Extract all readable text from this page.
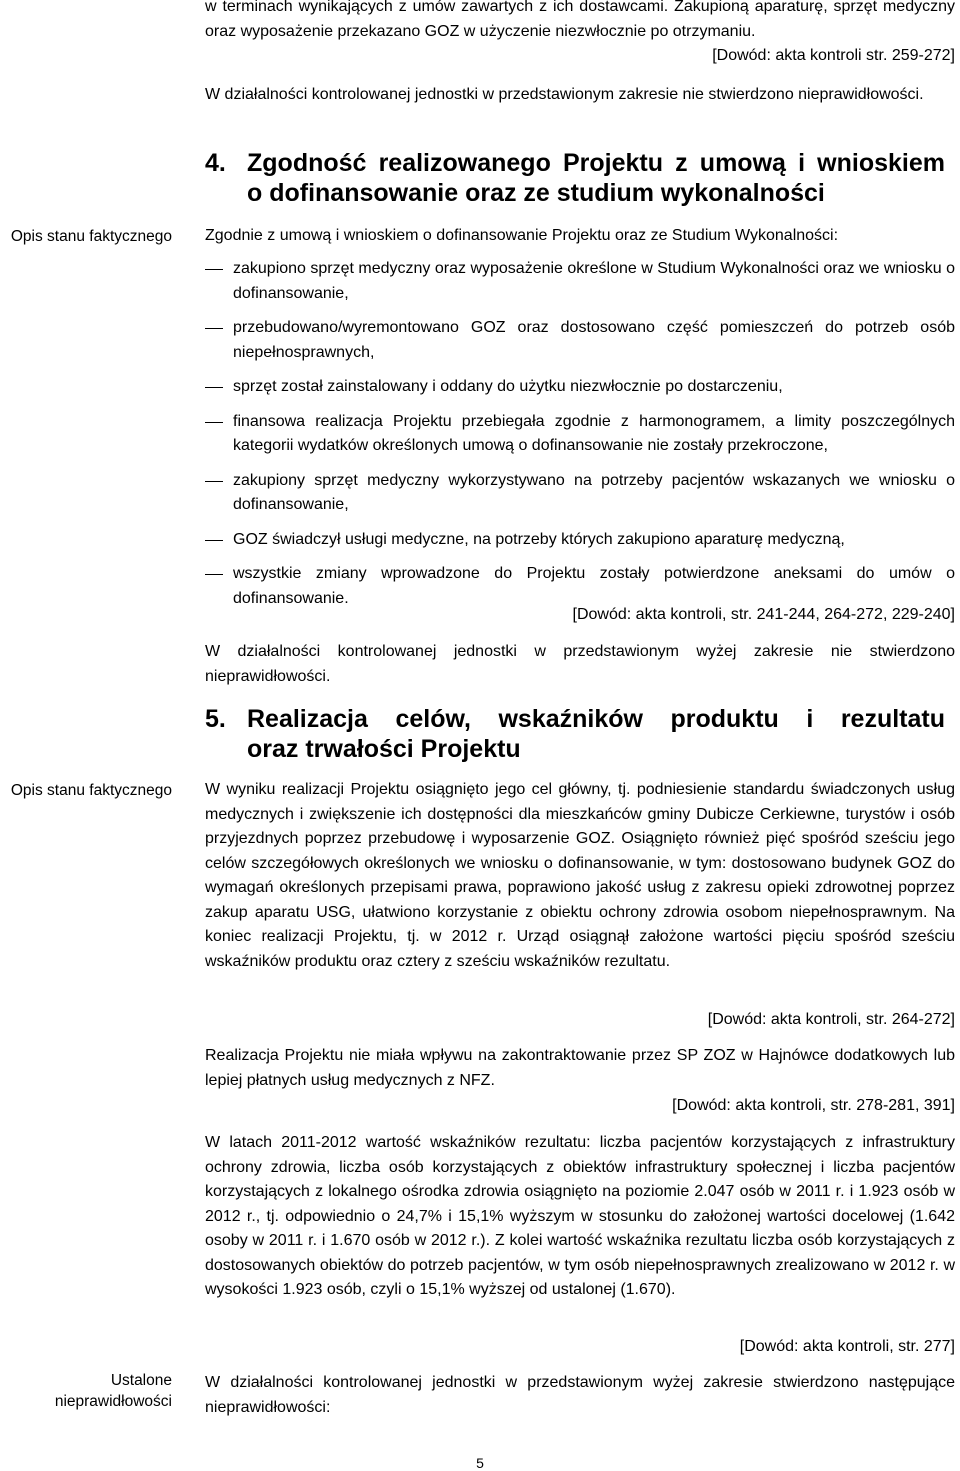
w terminach wynikających z umów zawartych z ich dostawcami. Zakupioną aparaturę, sprzęt medyczny oraz wyposażenie przekazano GOZ w użyczenie niezwłocznie po otrzymaniu.
[Dowód: akta kontroli str. 259-272]
W działalności kontrolowanej jednostki w przedstawionym zakresie nie stwierdzono nieprawidłowości.
4. Zgodność realizowanego Projektu z umową i wnioskiem
o dofinansowanie oraz ze studium wykonalności
Opis stanu faktycznego Zgodnie z umową i wnioskiem o dofinansowanie Projektu oraz ze Studium Wykonalności:
zakupiono sprzęt medyczny oraz wyposażenie określone w Studium Wykonalności oraz we wniosku o dofinansowanie,
przebudowano/wyremontowano GOZ oraz dostosowano część pomieszczeń do potrzeb osób niepełnosprawnych,
sprzęt został zainstalowany i oddany do użytku niezwłocznie po dostarczeniu,
finansowa realizacja Projektu przebiegała zgodnie z harmonogramem, a limity poszczególnych kategorii wydatków określonych umową o dofinansowanie nie zostały przekroczone,
zakupiony sprzęt medyczny wykorzystywano na potrzeby pacjentów wskazanych we wniosku o dofinansowanie,
GOZ świadczył usługi medyczne, na potrzeby których zakupiono aparaturę medyczną,
wszystkie zmiany wprowadzone do Projektu zostały potwierdzone aneksami do umów o dofinansowanie.
[Dowód: akta kontroli, str. 241-244, 264-272, 229-240]
W działalności kontrolowanej jednostki w przedstawionym wyżej zakresie nie stwierdzono nieprawidłowości.
5. Realizacja celów, wskaźników produktu i rezultatu
oraz trwałości Projektu
Opis stanu faktycznego W wyniku realizacji Projektu osiągnięto jego cel główny, tj. podniesienie standardu świadczonych usług medycznych i zwiększenie ich dostępności dla mieszkańców gminy Dubicze Cerkiewne, turystów i osób przyjezdnych poprzez przebudowę i wyposarzenie GOZ. Osiągnięto również pięć spośród sześciu jego celów szczegółowych określonych we wniosku o dofinansowanie, w tym: dostosowano budynek GOZ do wymagań określonych przepisami prawa, poprawiono jakość usług z zakresu opieki zdrowotnej poprzez zakup aparatu USG, ułatwiono korzystanie z obiektu ochrony zdrowia osobom niepełnosprawnym. Na koniec realizacji Projektu, tj. w 2012 r. Urząd osiągnął założone wartości pięciu spośród sześciu wskaźników produktu oraz cztery z sześciu wskaźników rezultatu.
[Dowód: akta kontroli, str. 264-272]
Realizacja Projektu nie miała wpływu na zakontraktowanie przez SP ZOZ w Hajnówce dodatkowych lub lepiej płatnych usług medycznych z NFZ.
[Dowód: akta kontroli, str. 278-281, 391]
W latach 2011-2012 wartość wskaźników rezultatu: liczba pacjentów korzystających z infrastruktury ochrony zdrowia, liczba osób korzystających z obiektów infrastruktury społecznej i liczba pacjentów korzystających z lokalnego ośrodka zdrowia osiągnięto na poziomie 2.047 osób w 2011 r. i 1.923 osób w 2012 r., tj. odpowiednio o 24,7% i 15,1% wyższym w stosunku do założonej wartości docelowej (1.642 osoby w 2011 r. i 1.670 osób w 2012 r.). Z kolei wartość wskaźnika rezultatu liczba osób korzystających z dostosowanych obiektów do potrzeb pacjentów, w tym osób niepełnosprawnych zrealizowano w 2012 r. w wysokości 1.923 osób, czyli o 15,1% wyższej od ustalonej (1.670).
[Dowód: akta kontroli, str. 277]
Ustalone
nieprawidłowości
W działalności kontrolowanej jednostki w przedstawionym wyżej zakresie stwierdzono następujące nieprawidłowości:
5
